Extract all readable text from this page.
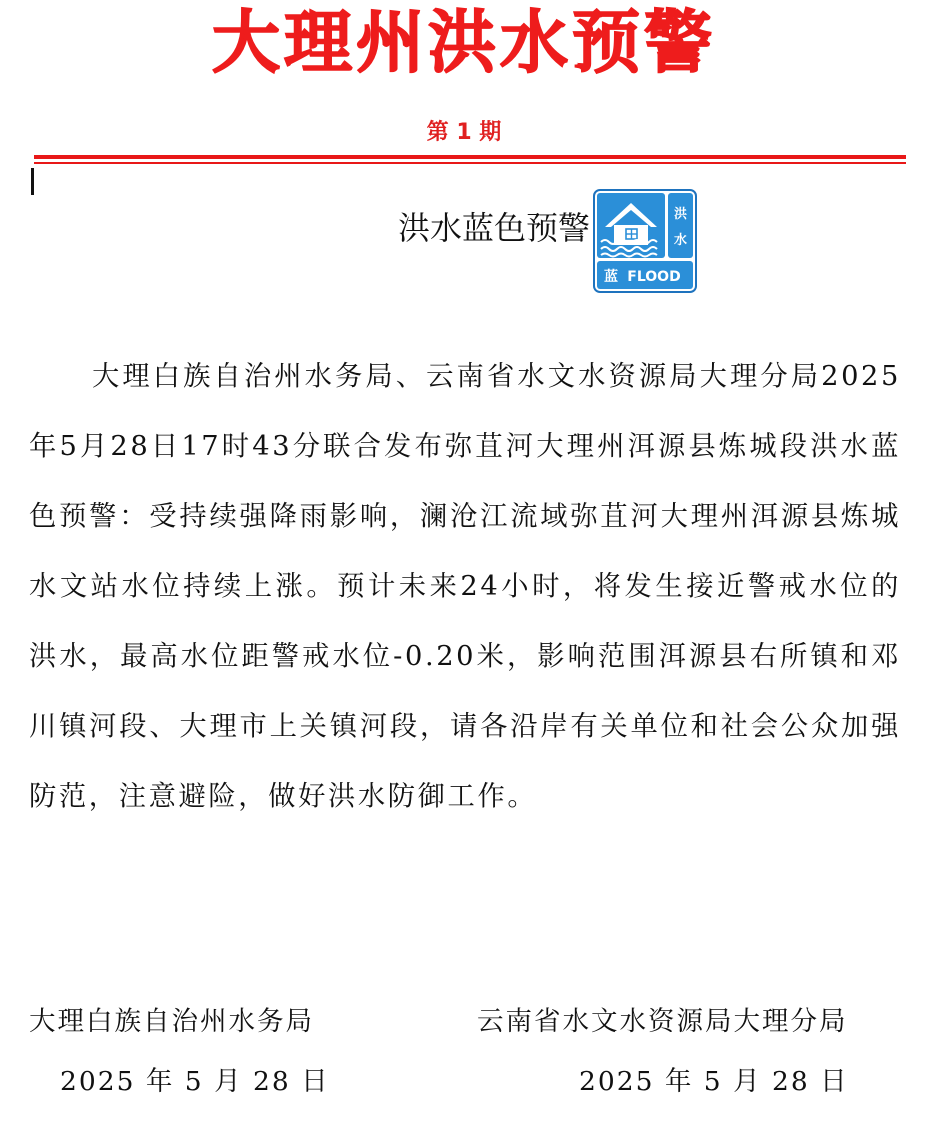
大理州洪水预警
第 1 期
洪水蓝色预警	洪
水
蓝 FLOOD

大理白族自治州水务局、云南省水文水资源局大理分局2025年5月28日17时43分联合发布弥苴河大理州洱源县炼城段洪水蓝色预警：受持续强降雨影响，澜沧江流域弥苴河大理州洱源县炼城水文站水位持续上涨。预计未来24小时，将发生接近警戒水位的洪水，最高水位距警戒水位-0.20米，影响范围洱源县右所镇和邓川镇河段、大理市上关镇河段，请各沿岸有关单位和社会公众加强防范，注意避险，做好洪水防御工作。

大理白族自治州水务局
2025 年 5 月 28 日
云南省水文水资源局大理分局
2025 年 5 月 28 日
